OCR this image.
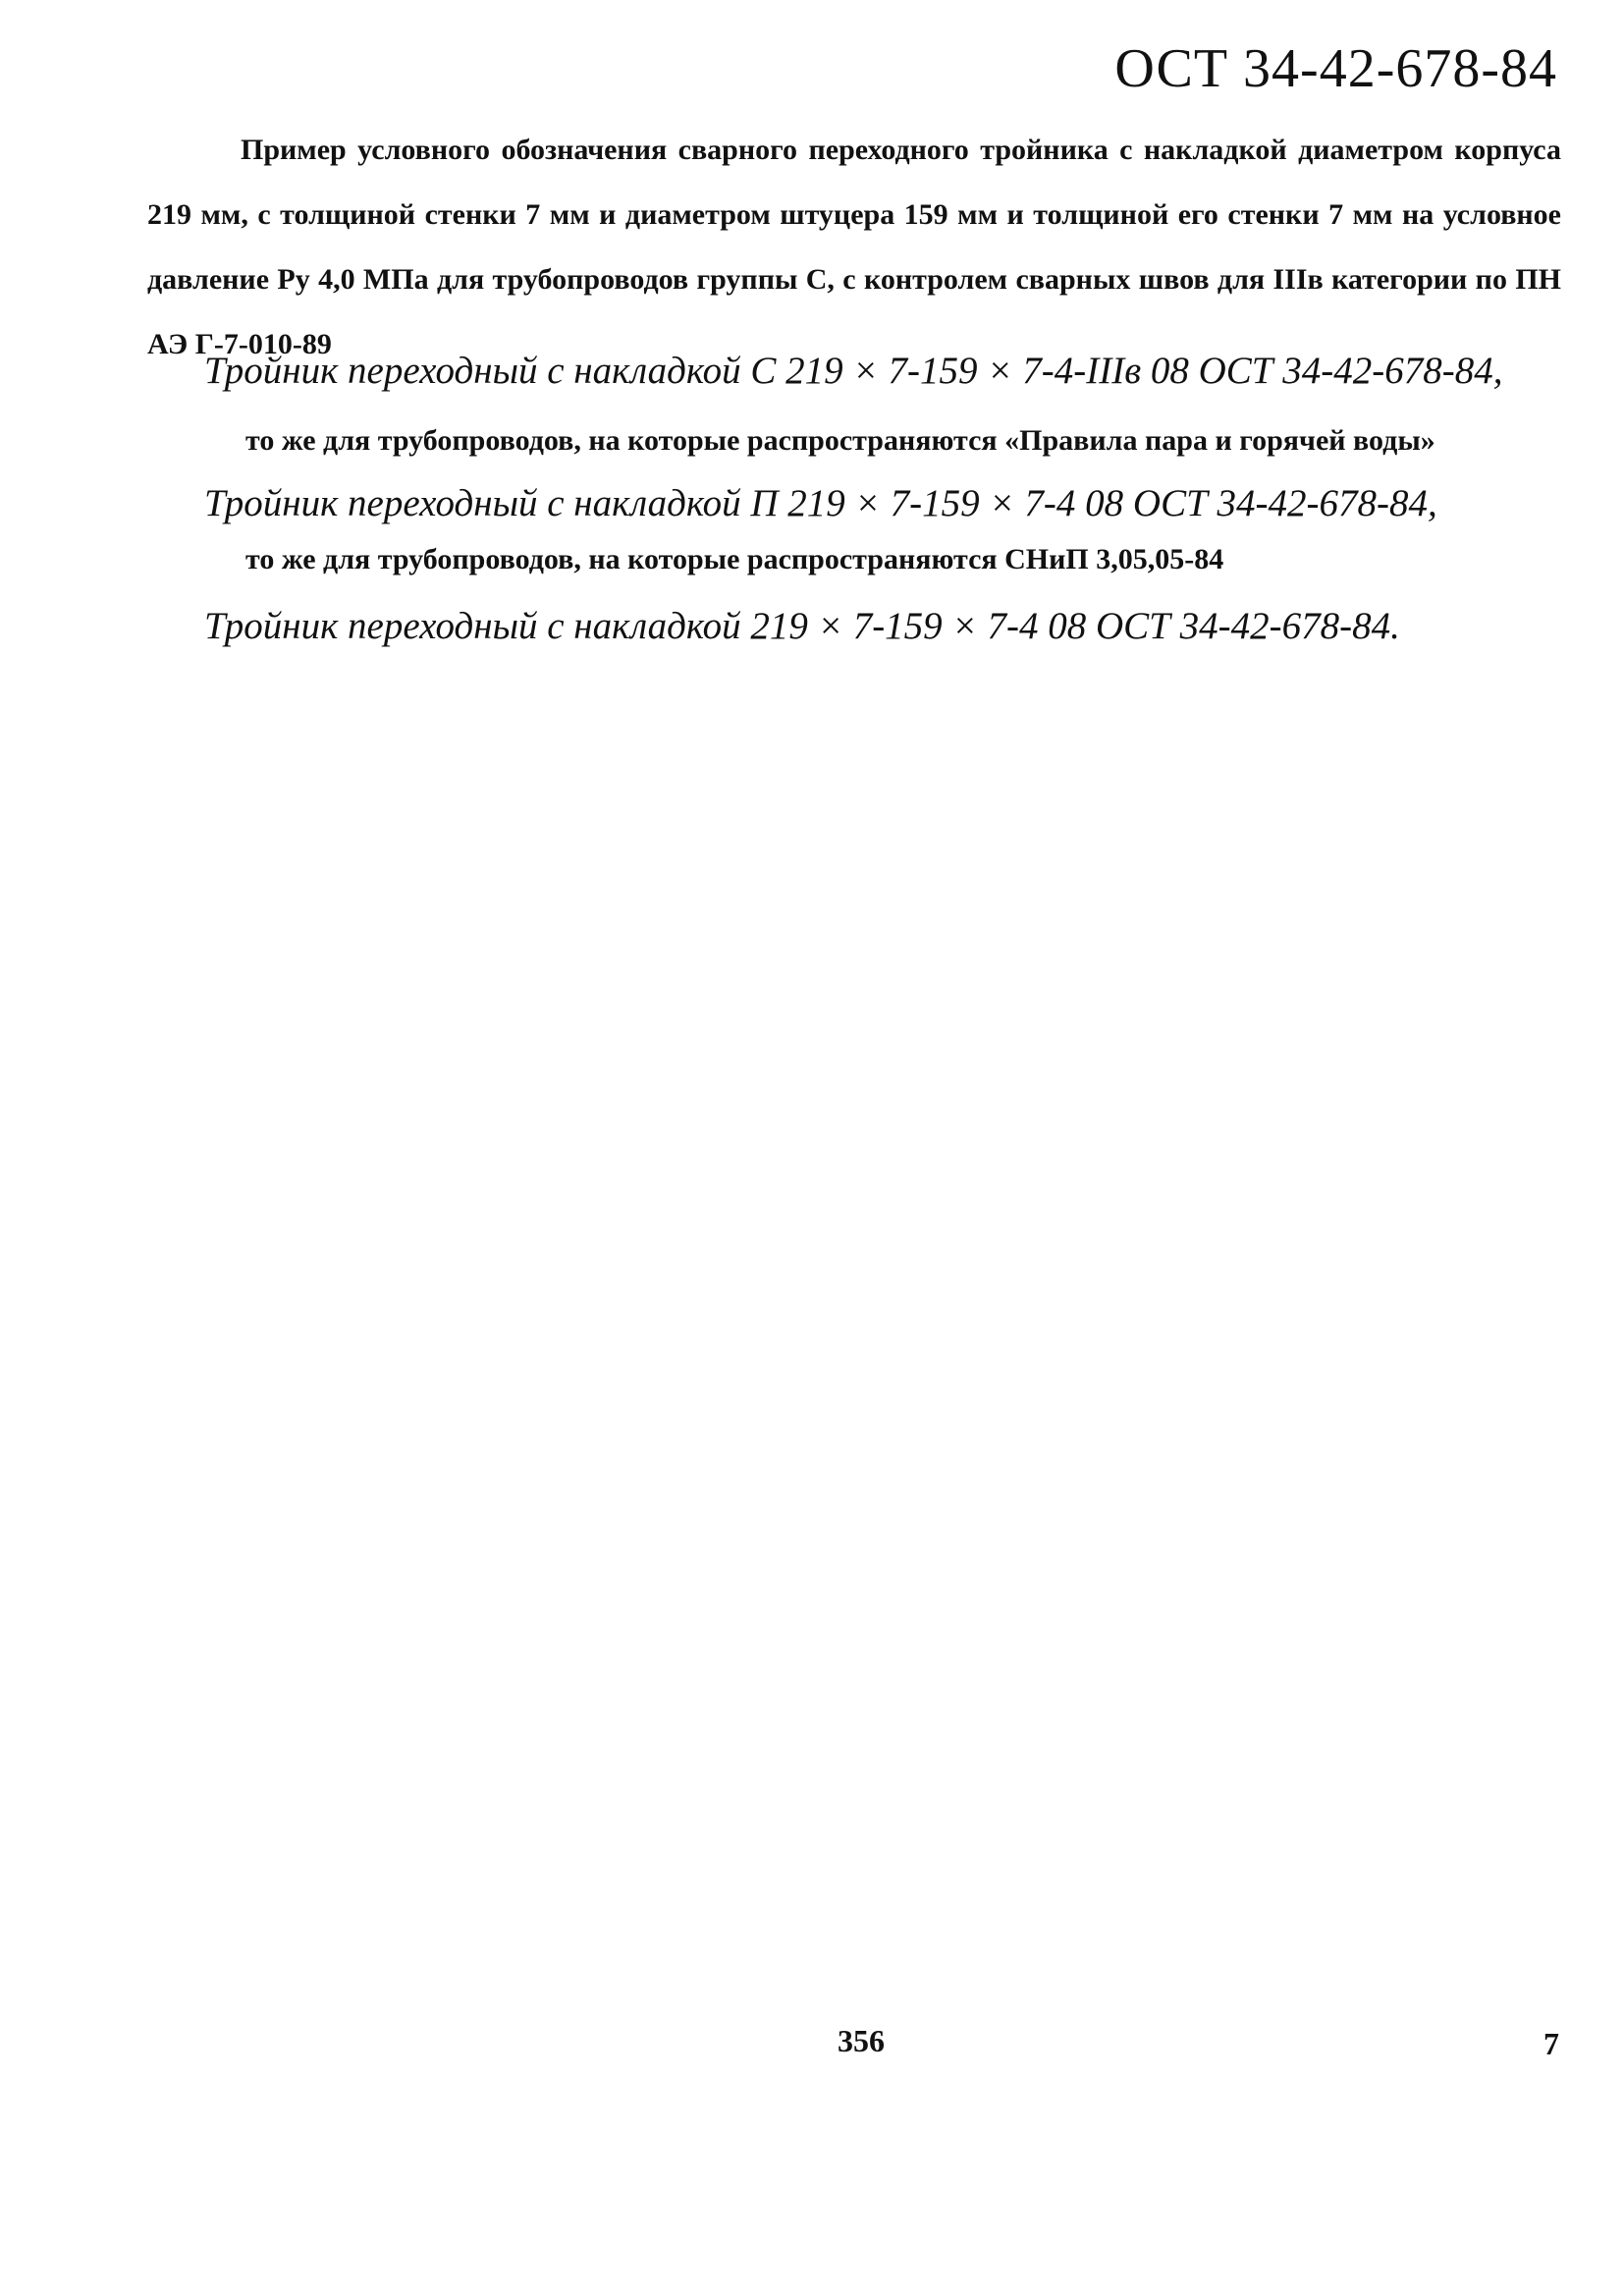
ОСТ 34-42-678-84

Пример условного обозначения сварного переходного тройника с накладкой диаметром корпуса 219 мм, с толщиной стенки 7 мм и диаметром штуцера 159 мм и толщиной его стенки 7 мм на условное давление Ру 4,0 МПа для трубопроводов группы С, с контролем сварных швов для IIIв категории по ПН АЭ Г-7-010-89

Тройник переходный с накладкой С 219 × 7-159 × 7-4-IIIв 08 ОСТ 34-42-678-84,
то же для трубопроводов, на которые распространяются «Правила пара и горячей воды»
Тройник переходный с накладкой П 219 × 7-159 × 7-4 08 ОСТ 34-42-678-84,
то же для трубопроводов, на которые распространяются СНиП 3,05,05-84
Тройник переходный с накладкой 219 × 7-159 × 7-4 08 ОСТ 34-42-678-84.
356	7
